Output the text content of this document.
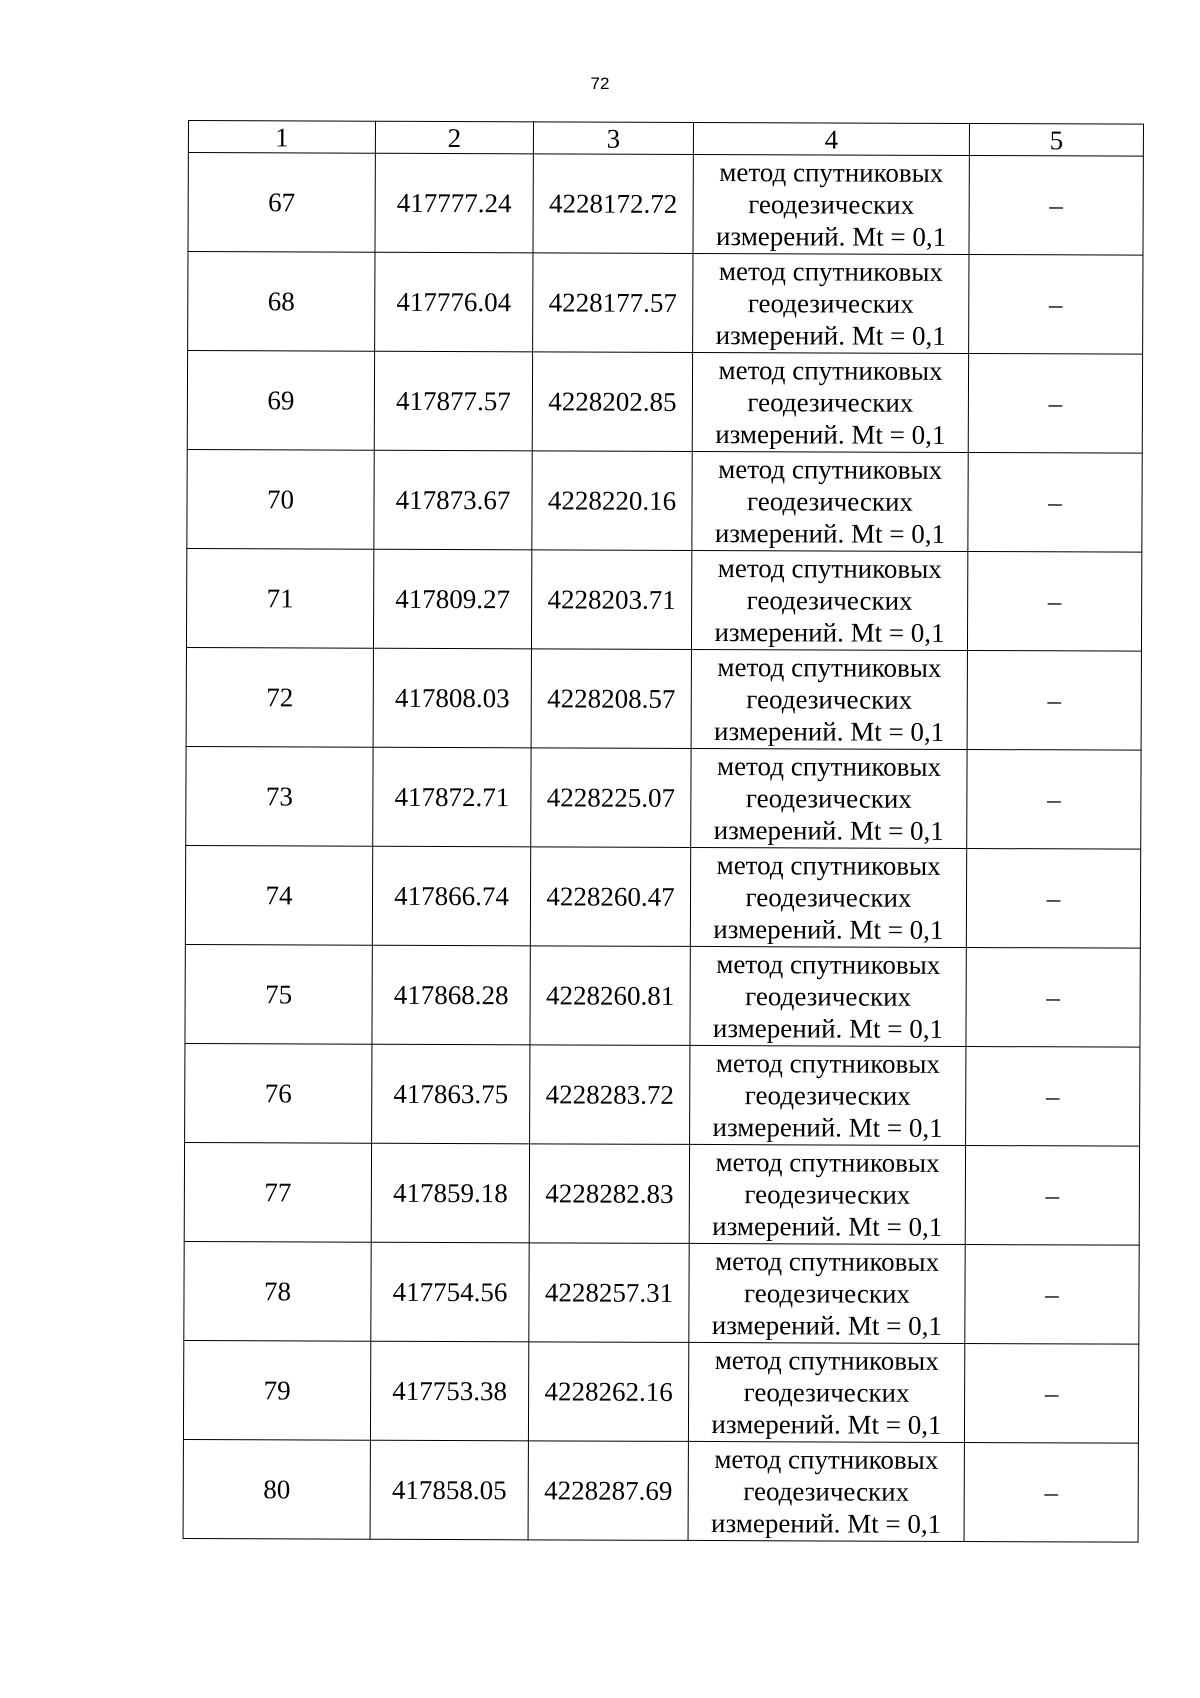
72
1	2	3	4	5
67	417777.24	4228172.72	метод спутниковых
геодезических
измерений. Mt = 0,1	–
68	417776.04	4228177.57	метод спутниковых
геодезических
измерений. Mt = 0,1	–
69	417877.57	4228202.85	метод спутниковых
геодезических
измерений. Mt = 0,1	–
70	417873.67	4228220.16	метод спутниковых
геодезических
измерений. Mt = 0,1	–
71	417809.27	4228203.71	метод спутниковых
геодезических
измерений. Mt = 0,1	–
72	417808.03	4228208.57	метод спутниковых
геодезических
измерений. Mt = 0,1	–
73	417872.71	4228225.07	метод спутниковых
геодезических
измерений. Mt = 0,1	–
74	417866.74	4228260.47	метод спутниковых
геодезических
измерений. Mt = 0,1	–
75	417868.28	4228260.81	метод спутниковых
геодезических
измерений. Mt = 0,1	–
76	417863.75	4228283.72	метод спутниковых
геодезических
измерений. Mt = 0,1	–
77	417859.18	4228282.83	метод спутниковых
геодезических
измерений. Mt = 0,1	–
78	417754.56	4228257.31	метод спутниковых
геодезических
измерений. Mt = 0,1	–
79	417753.38	4228262.16	метод спутниковых
геодезических
измерений. Mt = 0,1	–
80	417858.05	4228287.69	метод спутниковых
геодезических
измерений. Mt = 0,1	–
